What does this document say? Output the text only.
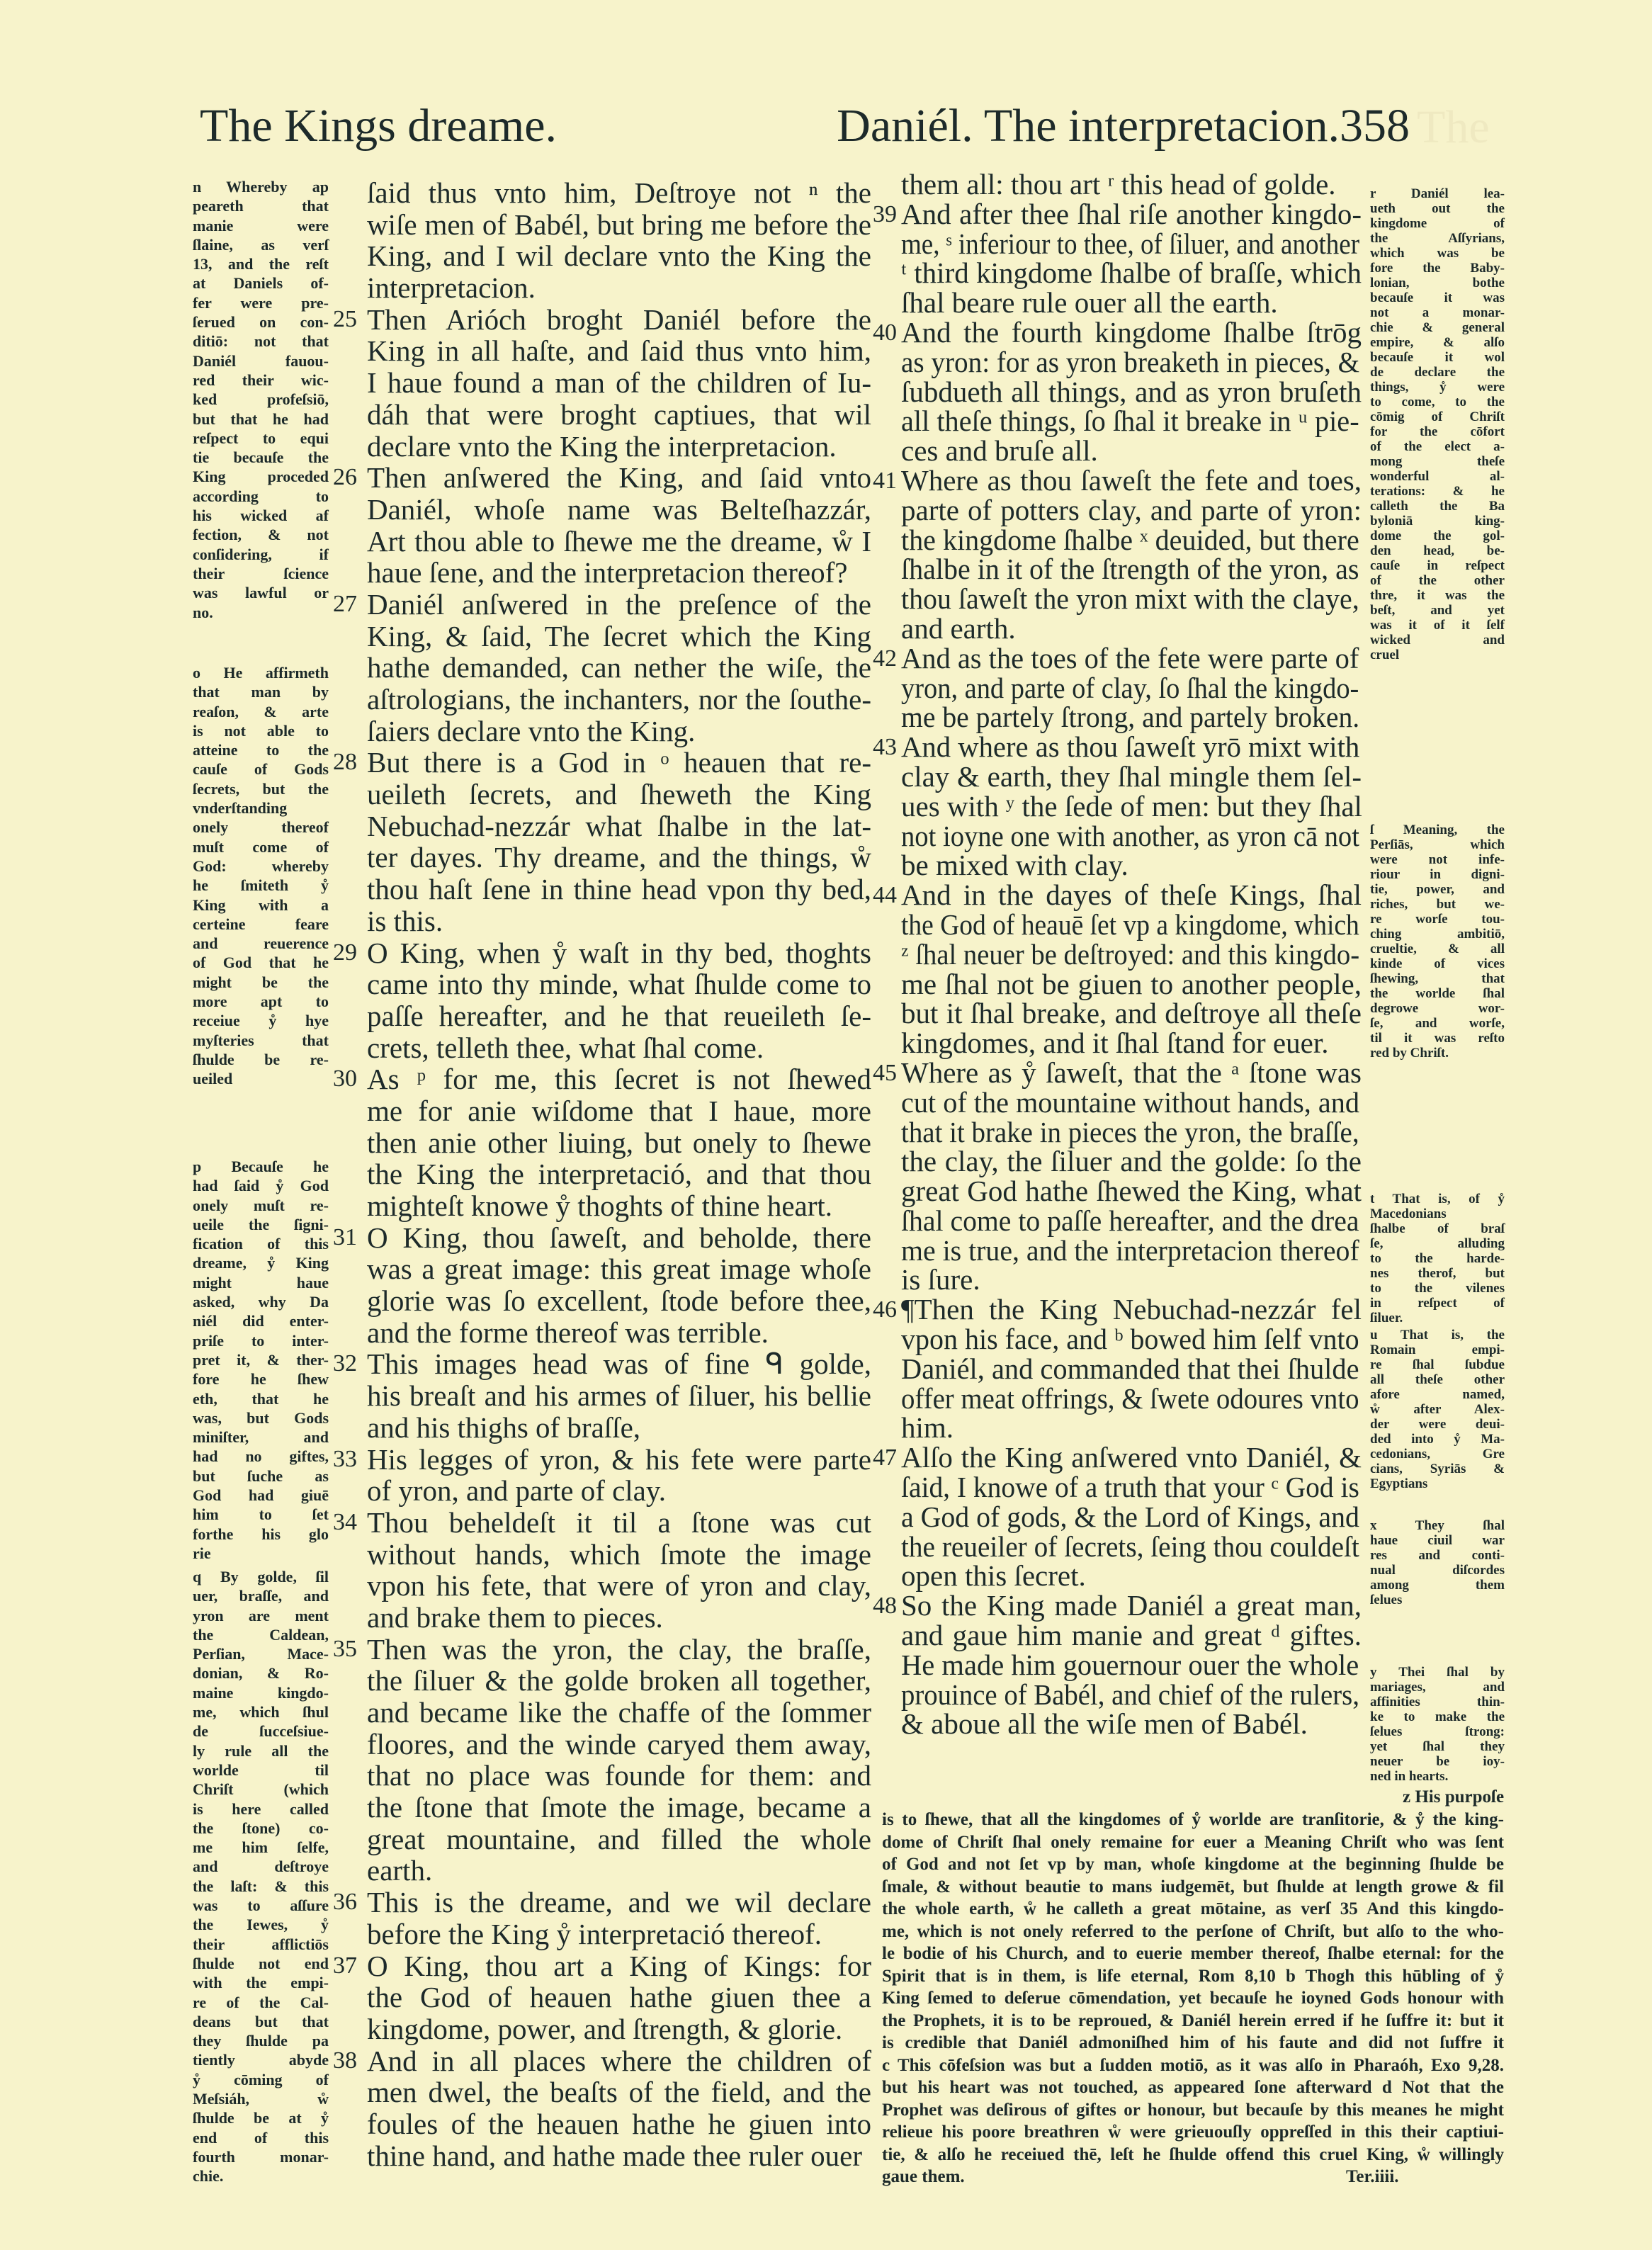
The
The Kings dreame.	Daniél. The interpretacion.358
n Whereby ap
peareth that
manie were
ſlaine, as verſ
13, and the reſt
at Daniels of-
fer were pre-
ſerued on con-
ditiō: not that
Daniél fauou-
red their wic-
ked profeſsiō,
but that he had
reſpect to equi
tie becauſe the
King proceded
according to
his wicked af
fection, & not
conſidering, if
their ſcience
was lawful or
no.
o He affirmeth
that man by
reaſon, & arte
is not able to
atteine to the
cauſe of Gods
ſecrets, but the
vnderſtanding
onely thereof
muſt come of
God: whereby
he ſmiteth ẙ
King with a
certeine feare
and reuerence
of God that he
might be the
more apt to
receiue ẙ hye
myſteries that
ſhulde be re-
ueiled
p Becauſe he
had ſaid ẙ God
onely muſt re-
ueile the ſigni-
fication of this
dreame, ẙ King
might haue
asked, why Da
niél did enter-
priſe to inter-
pret it, & ther-
fore he ſhew
eth, that he
was, but Gods
miniſter, and
had no giftes,
but ſuche as
God had giuē
him to ſet
forthe his glo
rie
q By golde, ſil
uer, braſſe, and
yron are ment
the Caldean,
Perſian, Mace-
donian, & Ro-
maine kingdo-
me, which ſhul
de ſucceſsiue-
ly rule all the
worlde til
Chriſt (which
is here called
the ſtone) co-
me him ſelfe,
and deſtroye
the laſt: & this
was to aſſure
the Iewes, ẙ
their afflictiōs
ſhulde not end
with the empi-
re of the Cal-
deans but that
they ſhulde pa
tiently abyde
ẙ cōming of
Meſsiáh, ẘ
ſhulde be at ẙ
end of this
fourth monar-
chie.
ſaid thus vnto him, Deſtroye not ⁿ the
wiſe men of Babél, but bring me before the
King, and I wil declare vnto the King the
interpretacion.
25 Then Arióch broght Daniél before the
King in all haſte, and ſaid thus vnto him,
I haue found a man of the children of Iu-
dáh that were broght captiues, that wil
declare vnto the King the interpretacion.
26 Then anſwered the King, and ſaid vnto
Daniél, whoſe name was Belteſhazzár,
Art thou able to ſhewe me the dreame, ẘ I
haue ſene, and the interpretacion thereof?
27 Daniél anſwered in the preſence of the
King, & ſaid, The ſecret which the King
hathe demanded, can nether the wiſe, the
aſtrologians, the inchanters, nor the ſouthe-
ſaiers declare vnto the King.
28 But there is a God in ᵒ heauen that re-
ueileth ſecrets, and ſheweth the King
Nebuchad-nezzár what ſhalbe in the lat-
ter dayes. Thy dreame, and the things, ẘ
thou haſt ſene in thine head vpon thy bed,
is this.
29 O King, when ẙ waſt in thy bed, thoghts
came into thy minde, what ſhulde come to
paſſe hereafter, and he that reueileth ſe-
crets, telleth thee, what ſhal come.
30 As ᵖ for me, this ſecret is not ſhewed
me for anie wiſdome that I haue, more
then anie other liuing, but onely to ſhewe
the King the interpretació, and that thou
mighteſt knowe ẙ thoghts of thine heart.
31 O King, thou ſaweſt, and beholde, there
was a great image: this great image whoſe
glorie was ſo excellent, ſtode before thee,
and the forme thereof was terrible.
32 This images head was of fine ᑫ golde,
his breaſt and his armes of ſiluer, his bellie
and his thighs of braſſe,
33 His legges of yron, & his fete were parte
of yron, and parte of clay.
34 Thou beheldeſt it til a ſtone was cut
without hands, which ſmote the image
vpon his fete, that were of yron and clay,
and brake them to pieces.
35 Then was the yron, the clay, the braſſe,
the ſiluer & the golde broken all together,
and became like the chaffe of the ſommer
floores, and the winde caryed them away,
that no place was founde for them: and
the ſtone that ſmote the image, became a
great mountaine, and filled the whole
earth.
36 This is the dreame, and we wil declare
before the King ẙ interpretació thereof.
37 O King, thou art a King of Kings: for
the God of heauen hathe giuen thee a
kingdome, power, and ſtrength, & glorie.
38 And in all places where the children of
men dwel, the beaſts of the field, and the
foules of the heauen hathe he giuen into
thine hand, and hathe made thee ruler ouer
them all: thou art ʳ this head of golde.
39 And after thee ſhal riſe another kingdo-
me, ˢ inferiour to thee, of ſiluer, and another
ᵗ third kingdome ſhalbe of braſſe, which
ſhal beare rule ouer all the earth.
40 And the fourth kingdome ſhalbe ſtrōg
as yron: for as yron breaketh in pieces, &
ſubdueth all things, and as yron bruſeth
all theſe things, ſo ſhal it breake in ᵘ pie-
ces and bruſe all.
41 Where as thou ſaweſt the fete and toes,
parte of potters clay, and parte of yron:
the kingdome ſhalbe ˣ deuided, but there
ſhalbe in it of the ſtrength of the yron, as
thou ſaweſt the yron mixt with the claye,
and earth.
42 And as the toes of the fete were parte of
yron, and parte of clay, ſo ſhal the kingdo-
me be partely ſtrong, and partely broken.
43 And where as thou ſaweſt yrō mixt with
clay & earth, they ſhal mingle them ſel-
ues with ʸ the ſede of men: but they ſhal
not ioyne one with another, as yron cā not
be mixed with clay.
44 And in the dayes of theſe Kings, ſhal
the God of heauē ſet vp a kingdome, which
ᶻ ſhal neuer be deſtroyed: and this kingdo-
me ſhal not be giuen to another people,
but it ſhal breake, and deſtroye all theſe
kingdomes, and it ſhal ſtand for euer.
45 Where as ẙ ſaweſt, that the ᵃ ſtone was
cut of the mountaine without hands, and
that it brake in pieces the yron, the braſſe,
the clay, the ſiluer and the golde: ſo the
great God hathe ſhewed the King, what
ſhal come to paſſe hereafter, and the drea
me is true, and the interpretacion thereof
is ſure.
46 ¶Then the King Nebuchad-nezzár fel
vpon his face, and ᵇ bowed him ſelf vnto
Daniél, and commanded that thei ſhulde
offer meat offrings, & ſwete odoures vnto
him.
47 Alſo the King anſwered vnto Daniél, &
ſaid, I knowe of a truth that your ᶜ God is
a God of gods, & the Lord of Kings, and
the reueiler of ſecrets, ſeing thou couldeſt
open this ſecret.
48 So the King made Daniél a great man,
and gaue him manie and great ᵈ giftes.
He made him gouernour ouer the whole
prouince of Babél, and chief of the rulers,
& aboue all the wiſe men of Babél.
r Daniél lea-
ueth out the
kingdome of
the Aſſyrians,
which was be
fore the Baby-
lonian, bothe
becauſe it was
not a monar-
chie & general
empire, & alſo
becauſe it wol
de declare the
things, ẙ were
to come, to the
cōmig of Chriſt
for the cōfort
of the elect a-
mong theſe
wonderful al-
terations: & he
calleth the Ba
byloniā king-
dome the gol-
den head, be-
cauſe in reſpect
of the other
thre, it was the
beſt, and yet
was it of it ſelf
wicked and
cruel
ſ Meaning, the
Perſiās, which
were not infe-
riour in digni-
tie, power, and
riches, but we-
re worſe tou-
ching ambitiō,
crueltie, & all
kinde of vices
ſhewing, that
the worlde ſhal
degrowe wor-
ſe, and worſe,
til it was reſto
red by Chriſt.
t That is, of ẙ
Macedonians
ſhalbe of braſ
ſe, alluding
to the harde-
nes therof, but
to the vilenes
in reſpect of
ſiluer.
u That is, the
Romain empi-
re ſhal ſubdue
all theſe other
afore named,
ẘ after Alex-
der were deui-
ded into ẙ Ma-
cedonians, Gre
cians, Syriās &
Egyptians
x They ſhal
haue ciuil war
res and conti-
nual diſcordes
among them
ſelues
y Thei ſhal by
mariages, and
affinities thin-
ke to make the
ſelues ſtrong:
yet ſhal they
neuer be ioy-
ned in hearts.
z His purpoſe
is to ſhewe, that all the kingdomes of ẙ worlde are tranſitorie, & ẙ the king-
dome of Chriſt ſhal onely remaine for euer a Meaning Chriſt who was ſent
of God and not ſet vp by man, whoſe kingdome at the beginning ſhulde be
ſmale, & without beautie to mans iudgemēt, but ſhulde at length growe & fil
the whole earth, ẘ he calleth a great mōtaine, as verſ 35 And this kingdo-
me, which is not onely referred to the perſone of Chriſt, but alſo to the who-
le bodie of his Church, and to euerie member thereof, ſhalbe eternal: for the
Spirit that is in them, is life eternal, Rom 8,10 b Thogh this hūbling of ẙ
King ſemed to deſerue cōmendation, yet becauſe he ioyned Gods honour with
the Prophets, it is to be reproued, & Daniél herein erred if he ſuffre it: but it
is credible that Daniél admoniſhed him of his faute and did not ſuffre it
c This cōfeſsion was but a ſudden motiō, as it was alſo in Pharaóh, Exo 9,28.
but his heart was not touched, as appeared ſone afterward d Not that the
Prophet was deſirous of giftes or honour, but becauſe by this meanes he might
relieue his poore breathren ẘ were grieuouſly oppreſſed in this their captiui-
tie, & alſo he receiued thē, leſt he ſhulde offend this cruel King, ẘ willingly
gaue them.	Ter.iiii.
